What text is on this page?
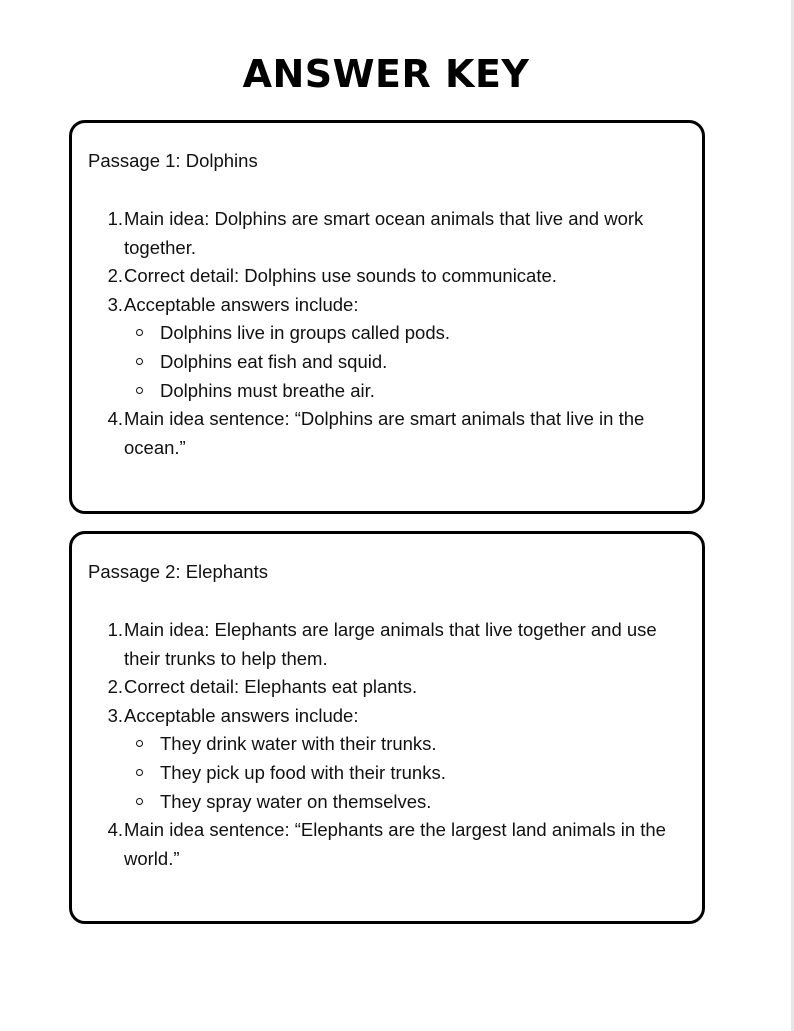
ANSWER KEY
Passage 1: Dolphins
1. Main idea: Dolphins are smart ocean animals that live and work together.
2. Correct detail: Dolphins use sounds to communicate.
3. Acceptable answers include:
Dolphins live in groups called pods.
Dolphins eat fish and squid.
Dolphins must breathe air.
4. Main idea sentence: “Dolphins are smart animals that live in the ocean.”
Passage 2: Elephants
1. Main idea: Elephants are large animals that live together and use their trunks to help them.
2. Correct detail: Elephants eat plants.
3. Acceptable answers include:
They drink water with their trunks.
They pick up food with their trunks.
They spray water on themselves.
4. Main idea sentence: “Elephants are the largest land animals in the world.”
